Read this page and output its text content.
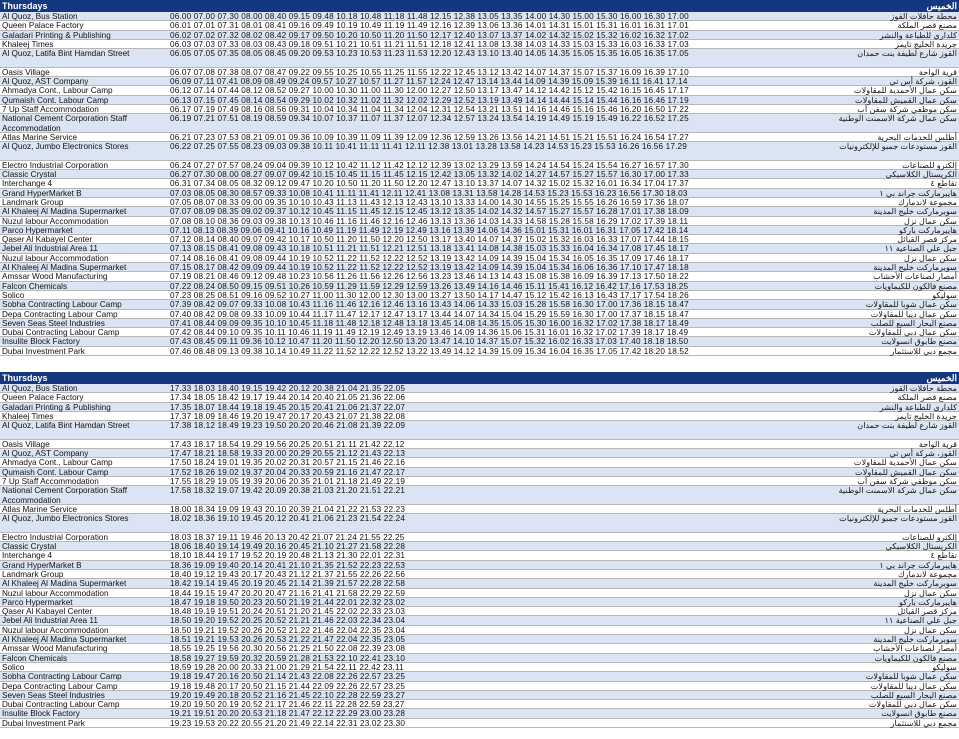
Thursdays	الخميس
Al Quoz, Bus Station	06.00 07.00 07.30 08.00 08.40 09.15 09.48 10.18 10.48 11.18 11.48 12.15 12.38 13.05 13.35 14.00 14.30 15.00 15.30 16.00 16.30 17.00	محطة حافلات القوز
Queen Palace Factory	06.01 07.01 07.31 08.01 08.41 09.16 09.49 10.19 10.49 11.19 11.49 12.16 12.39 13.06 13.36 14.01 14.31 15.01 15.31 16.01 16.31 17.01	مصنع قصر الملكة
Galadari Printing & Publishing	06.02 07.02 07.32 08.02 08.42 09.17 09.50 10.20 10.50 11.20 11.50 12.17 12.40 13.07 13.37 14.02 14.32 15.02 15.32 16.02 16.32 17.02	كلداري للطباعة والنشر
Khaleej Times	06.03 07.03 07.33 08.03 08.43 09.18 09.51 10.21 10.51 11.21 11.51 12.18 12.41 13.08 13.38 14.03 14.33 15.03 15.33 16.03 16.33 17.03	جريدة الخليج تايمز
Al Quoz, Latifa Bint Hamdan Street	06.05 07.05 07.35 08.05 08.45 09.20 09.53 10.23 10.53 11.23 11.53 12.20 12.43 13.10 13.40 14.05 14.35 15.05 15.35 16.05 16.35 17.05	القوز شارع لطيفة بنت حمدان
Oasis Village	06.07 07.08 07.38 08.07 08.47 09.22 09.55 10.25 10.55 11.25 11.55 12.22 12.45 13.12 13.42 14.07 14.37 15.07 15.37 16.09 16.39 17.10	قرية الواحة
Al Quoz, AST Company	06.09 07.11 07.41 08.09 08.49 09.24 09.57 10.27 10.57 11.27 11.57 12.24 12.47 13.14 13.44 14.09 14.39 15.09 15.39 16.11 16.41 17.14	القوز، شركة أس تي
Ahmadya Cont., Labour Camp	06.12 07.14 07.44 08.12 08.52 09.27 10.00 10.30 11.00 11.30 12.00 12.27 12.50 13.17 13.47 14.12 14.42 15.12 15.42 16.15 16.45 17.17	سكن عمال الأحمدية للمقاولات
Qumaish Cont. Labour Camp	06.13 07.15 07.45 08.14 08.54 09.29 10.02 10.32 11.02 11.32 12.02 12.29 12.52 13.19 13.49 14.14 14.44 15.14 15.44 16.16 16.46 17.19	سكن عمال القميش للمقاولات
7 Up Staff Accommodation	06.17 07.19 07.49 08.16 08.56 09.31 10.04 10.34 11.04 11.34 12.04 12.31 12.54 13.21 13.51 14.16 14.46 15.16 15.46 16.20 16.50 17.22	سكن موظفي شركة سفن أب
National Cement Corporation Staff Accommodation
06.19 07.21 07.51 08.19 08.59 09.34 10.07 10.37 11.07 11.37 12.07 12.34 12.57 13.24 13.54 14.19 14.49 15.19 15.49 16.22 16.52 17.25	سكن عمال شركة الاسمنت الوطنية
Atlas Marine Service	06.21 07.23 07.53 08.21 09.01 09.36 10.09 10.39 11.09 11.39 12.09 12.36 12.59 13.26 13.56 14.21 14.51 15.21 15.51 16.24 16.54 17.27	أطلس للخدمات البحرية
Al Quoz, Jumbo Electronics Stores	06.22 07.25 07.55 08.23 09.03 09.38 10.11 10.41 11.11 11.41 12.11 12.38 13.01 13.28 13.58 14.23 14.53 15.23 15.53 16.26 16.56 17.29	القوز مستودعات جمبو للإلكترونيات
Electro Industrial Corporation	06.24 07.27 07.57 08.24 09.04 09.39 10.12 10.42 11.12 11.42 12.12 12.39 13.02 13.29 13.59 14.24 14.54 15.24 15.54 16.27 16.57 17.30	إلكترو للصناعات
Classic Crystal	06.27 07.30 08.00 08.27 09.07 09.42 10.15 10.45 11.15 11.45 12.15 12.42 13.05 13.32 14.02 14.27 14.57 15.27 15.57 16.30 17.00 17.33	الكريستال الكلاسيكي
Interchange 4	06.31 07.34 08.05 08.32 09.12 09.47 10.20 10.50 11.20 11.50 12.20 12.47 13.10 13.37 14.07 14.32 15.02 15.32 16.01 16.34 17.04 17.37	تقاطع ٤
Grand HyperMarket B	07.03 08.05 08.30 08.57 09.33 10.08 10.41 11.11 11.41 12.11 12.41 13.08 13.31 13.58 14.28 14.53 15.23 15.53 16.23 16.56 17.30 18.03	هايبرماركت جراند بي ١
Landmark Group	07.05 08.07 08.33 09.00 09.35 10.10 10.43 11.13 11.43 12.13 12.43 13.10 13.33 14.00 14.30 14.55 15.25 15.55 16.26 16.59 17.36 18.07	مجموعة لاندمارك
Al Khaleej Al Madina Supermarket	07.07 08.09 08.35 09.02 09.37 10.12 10.45 11.15 11.45 12.15 12.45 13.12 13.35 14.02 14.32 14.57 15.27 15.57 16.28 17.01 17.38 18.09	سوبرماركت خليج المدينة
Nuzul labour Accommodation	07.08 08.10 08.36 09.03 09.38 10.13 10.46 11.16 11.46 12.16 12.46 13.13 13.36 14.03 14.33 14.58 15.28 15.58 16.29 17.02 17.39 18.11	سكن عمال نزل
Parco Hypermarket	07.11 08.13 08.39 09.06 09.41 10.16 10.49 11.19 11.49 12.19 12.49 13.16 13.39 14.06 14.36 15.01 15.31 16.01 16.31 17.05 17.42 18.14	هايبرماركت باركو
Qaser Al Kabayel Center	07.12 08.14 08.40 09.07 09.42 10.17 10.50 11.20 11.50 12.20 12.50 13.17 13.40 14.07 14.37 15.02 15.32 16.03 16.33 17.07 17.44 18.15	مركز قصر القبائل
Jebel Ali Industrial Area 11	07.13 08.15 08.41 09.08 09.43 10.18 10.51 11.21 11.51 12.21 12.51 13.18 13.41 14.08 14.38 15.03 15.33 16.04 16.34 17.08 17.45 18.17	جبل علي الصناعية ١١
Nuzul labour Accommodation	07.14 08.16 08.41 09.08 09.44 10.19 10.52 11.22 11.52 12.22 12.52 13.19 13.42 14.09 14.39 15.04 15.34 16.05 16.35 17.09 17.46 18.17	سكن عمال نزل
Al Khaleej Al Madina Supermarket	07.15 08.17 08.42 09.09 09.44 10.19 10.52 11.22 11.52 12.22 12.52 13.19 13.42 14.09 14.39 15.04 15.34 16.06 16.36 17.10 17.47 18.18	سوبرماركت خليج المدينة
Amssar Wood Manufacturing	07.19 08.21 08.46 09.12 09.48 10.23 10.56 11.26 11.56 12.26 12.56 13.23 13.46 14.13 14.43 15.08 15.38 16.09 16.39 17.13 17.50 18.22	أمصار لصناعات الأخشاب
Falcon Chemicals	07.22 08.24 08.50 09.15 09.51 10.26 10.59 11.29 11.59 12.29 12.59 13.26 13.49 14.16 14.46 15.11 15.41 16.12 16.42 17.16 17.53 18.25	مصنع فالكون للكيماويات
Solico	07.23 08.25 08.51 09.16 09.52 10.27 11.00 11.30 12.00 12.30 13.00 13.27 13.50 14.17 14.47 15.12 15.42 16.13 16.43 17.17 17.54 18.26	سوليكو
Sobha Contracting Labour Camp	07.39 08.42 09.07 09.33 10.08 10.43 11.16 11.46 12.16 12.46 13.16 13.43 14.06 14.33 15.03 15.28 15.58 16.30 17.00 17.36 18.15 18.47	سكن عمال شوبا للمقاولات
Depa Contracting Labour Camp	07.40 08.42 09.08 09.33 10.09 10.44 11.17 11.47 12.17 12.47 13.17 13.44 14.07 14.34 15.04 15.29 15.59 16.30 17.00 17.37 18.15 18.47	سكن عمال ديبا للمقاولات
Seven Seas Steel Industries	07.41 08.44 09.09 09.35 10.10 10.45 11.18 11.48 12.18 12.48 13.18 13.45 14.08 14.35 15.05 15.30 16.00 16.32 17.02 17.38 18.17 18.49	مصنع البحار السبع للصلب
Dubai Contracting Labour Camp	07.42 08.44 09.10 09.35 10.11 10.46 11.19 11.49 12.19 12.49 13.19 13.46 14.09 14.36 15.06 15.31 16.01 16.32 17.02 17.39 18.17 18.49	سكن عمال دبي للمقاولات
Insulite Block Factory	07.43 08.45 09.11 09.36 10.12 10.47 11.20 11.50 12.20 12.50 13.20 13.47 14.10 14.37 15.07 15.32 16.02 16.33 17.03 17.40 18.18 18.50	مصنع طابوق انسولايت
Dubai Investment Park	07.46 08.48 09.13 09.38 10.14 10.49 11.22 11.52 12.22 12.52 13.22 13.49 14.12 14.39 15.09 15.34 16.04 16.35 17.05 17.42 18.20 18.52	مجمع دبي للاستثمار
Thursdays	الخميس
Al Quoz, Bus Station	17.33 18.03 18.40 19.15 19.42 20.12 20.38 21.04 21.35 22.05	محطة حافلات القوز
Queen Palace Factory	17.34 18.05 18.42 19.17 19.44 20.14 20.40 21.05 21.36 22.06	مصنع قصر الملكة
Galadari Printing & Publishing	17.35 18.07 18.44 19.18 19.45 20.15 20.41 21.06 21.37 22.07	كلداري للطباعة والنشر
Khaleej Times	17.37 18.09 18.46 19.20 19.47 20.17 20.43 21.07 21.38 22.08	جريدة الخليج تايمز
Al Quoz, Latifa Bint Hamdan Street	17.38 18.12 18.49 19.23 19.50 20.20 20.46 21.08 21.39 22.09	القوز شارع لطيفة بنت حمدان
Oasis Village	17.43 18.17 18.54 19.29 19.56 20.25 20.51 21.11 21.42 22.12	قرية الواحة
Al Quoz, AST Company	17.47 18.21 18.58 19.33 20.00 20.29 20.55 21.12 21.43 22.13	القوز، شركة أس تي
Ahmadya Cont., Labour Camp	17.50 18.24 19.01 19.35 20.02 20.31 20.57 21.15 21.46 22.16	سكن عمال الأحمدية للمقاولات
Qumaish Cont. Labour Camp	17.52 18.26 19.02 19.37 20.04 20.33 20.59 21.16 21.47 22.17	سكن عمال القميش للمقاولات
7 Up Staff Accommodation	17.55 18.29 19.05 19.39 20.06 20.35 21.01 21.18 21.49 22.19	سكن موظفي شركة سفن أب
National Cement Corporation Staff Accommodation
17.58 18.32 19.07 19.42 20.09 20.38 21.03 21.20 21.51 22.21	سكن عمال شركة الاسمنت الوطنية
Atlas Marine Service	18.00 18.34 19.09 19.43 20.10 20.39 21.04 21.22 21.53 22.23	أطلس للخدمات البحرية
Al Quoz, Jumbo Electronics Stores	18.02 18.36 19.10 19.45 20.12 20.41 21.06 21.23 21.54 22.24	القوز مستودعات جمبو للإلكترونيات
Electro Industrial Corporation	18.03 18.37 19.11 19.46 20.13 20.42 21.07 21.24 21.55 22.25	إلكترو للصناعات
Classic Crystal	18.06 18.40 19.14 19.49 20.16 20.45 21.10 21.27 21.58 22.28	الكريستال الكلاسيكي
Interchange 4	18.10 18.44 19.17 19.52 20.19 20.48 21.13 21.30 22.01 22.31	تقاطع ٤
Grand HyperMarket B	18.36 19.09 19.40 20.14 20.41 21.10 21.35 21.52 22.23 22.53	هايبرماركت جراند بي ١
Landmark Group	18.40 19.12 19.43 20.17 20.43 21.12 21.37 21.55 22.26 22.56	مجموعة لاندمارك
Al Khaleej Al Madina Supermarket	18.42 19.14 19.45 20.19 20.45 21.14 21.39 21.57 22.28 22.58	سوبرماركت خليج المدينة
Nuzul labour Accommodation	18.44 19.15 19.47 20.20 20.47 21.16 21.41 21.58 22.29 22.59	سكن عمال نزل
Parco Hypermarket	18.47 19.18 19.50 20.23 20.50 21.19 21.44 22.01 22.32 23.02	هايبرماركت باركو
Qaser Al Kabayel Center	18.48 19.19 19.51 20.24 20.51 21.20 21.45 22.02 22.33 23.03	مركز قصر القبائل
Jebel Ali Industrial Area 11	18.50 19.20 19.52 20.25 20.52 21.21 21.46 22.03 22.34 23.04	جبل علي الصناعية ١١
Nuzul labour Accommodation	18.50 19.21 19.52 20.26 20.52 21.22 21.46 22.04 22.35 23.04	سكن عمال نزل
Al Khaleej Al Madina Supermarket	18.51 19.21 19.53 20.26 20.53 21.22 21.47 22.04 22.35 23.05	سوبرماركت خليج المدينة
Amssar Wood Manufacturing	18.55 19.25 19.56 20.30 20.56 21.25 21.50 22.08 22.39 23.08	أمصار لصناعات الأخشاب
Falcon Chemicals	18.58 19.27 19.59 20.32 20.59 21.28 21.53 22.10 22.41 23.10	مصنع فالكون للكيماويات
Solico	18.59 19.28 20.00 20.33 21.00 21.29 21.54 22.11 22.42 23.11	سوليكو
Sobha Contracting Labour Camp	19.18 19.47 20.16 20.50 21.14 21.43 22.08 22.26 22.57 23.25	سكن عمال شوبا للمقاولات
Depa Contracting Labour Camp	19.18 19.48 20.17 20.50 21.15 21.44 22.09 22.26 22.57 23.25	سكن عمال ديبا للمقاولات
Seven Seas Steel Industries	19.20 19.49 20.18 20.52 21.16 21.45 22.10 22.28 22.59 23.27	مصنع البحار السبع للصلب
Dubai Contracting Labour Camp	19.20 19.50 20.19 20.52 21.17 21.46 22.11 22.28 22.59 23.27	سكن عمال دبي للمقاولات
Insulite Block Factory	19.21 19.51 20.20 20.53 21.18 21.47 22.12 22.29 23.00 23.28	مصنع طابوق انسولايت
Dubai Investment Park	19.23 19.53 20.22 20.55 21.20 21.49 22.14 22.31 23.02 23.30	مجمع دبي للاستثمار
